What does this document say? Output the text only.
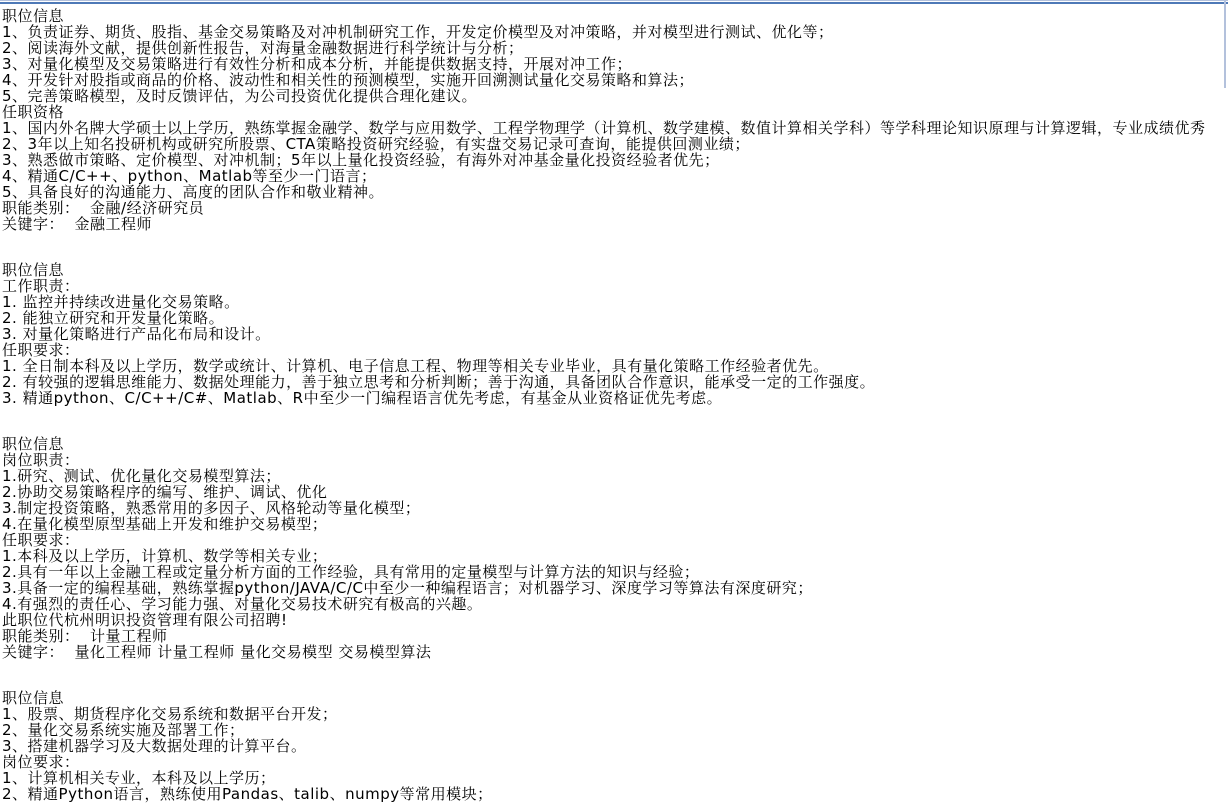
职位信息
1、负责证券、期货、股指、基金交易策略及对冲机制研究工作，开发定价模型及对冲策略，并对模型进行测试、优化等；
2、阅读海外文献，提供创新性报告，对海量金融数据进行科学统计与分析；
3、对量化模型及交易策略进行有效性分析和成本分析，并能提供数据支持，开展对冲工作；
4、开发针对股指或商品的价格、波动性和相关性的预测模型，实施开回溯测试量化交易策略和算法；
5、完善策略模型，及时反馈评估，为公司投资优化提供合理化建议。
任职资格
1、国内外名牌大学硕士以上学历，熟练掌握金融学、数学与应用数学、工程学物理学（计算机、数学建模、数值计算相关学科）等学科理论知识原理与计算逻辑，专业成绩优秀
2、3年以上知名投研机构或研究所股票、CTA策略投资研究经验，有实盘交易记录可查询，能提供回测业绩；
3、熟悉做市策略、定价模型、对冲机制；5年以上量化投资经验，有海外对冲基金量化投资经验者优先；
4、精通C/C++、python、Matlab等至少一门语言；
5、具备良好的沟通能力、高度的团队合作和敬业精神。
职能类别：  金融/经济研究员
关键字：  金融工程师
职位信息
工作职责：
1. 监控并持续改进量化交易策略。
2. 能独立研究和开发量化策略。
3. 对量化策略进行产品化布局和设计。
任职要求：
1. 全日制本科及以上学历，数学或统计、计算机、电子信息工程、物理等相关专业毕业，具有量化策略工作经验者优先。
2. 有较强的逻辑思维能力、数据处理能力，善于独立思考和分析判断；善于沟通，具备团队合作意识，能承受一定的工作强度。
3. 精通python、C/C++/C#、Matlab、R中至少一门编程语言优先考虑，有基金从业资格证优先考虑。
职位信息
岗位职责：
1.研究、测试、优化量化交易模型算法；
2.协助交易策略程序的编写、维护、调试、优化
3.制定投资策略，熟悉常用的多因子、风格轮动等量化模型；
4.在量化模型原型基础上开发和维护交易模型；
任职要求：
1.本科及以上学历，计算机、数学等相关专业；
2.具有一年以上金融工程或定量分析方面的工作经验，具有常用的定量模型与计算方法的知识与经验；
3.具备一定的编程基础，熟练掌握python/JAVA/C/C中至少一种编程语言；对机器学习、深度学习等算法有深度研究；
4.有强烈的责任心、学习能力强、对量化交易技术研究有极高的兴趣。
此职位代杭州明识投资管理有限公司招聘!
职能类别：  计量工程师
关键字：  量化工程师 计量工程师 量化交易模型 交易模型算法
职位信息
1、股票、期货程序化交易系统和数据平台开发；
2、量化交易系统实施及部署工作；
3、搭建机器学习及大数据处理的计算平台。
岗位要求：
1、计算机相关专业，本科及以上学历；
2、精通Python语言，熟练使用Pandas、talib、numpy等常用模块；
